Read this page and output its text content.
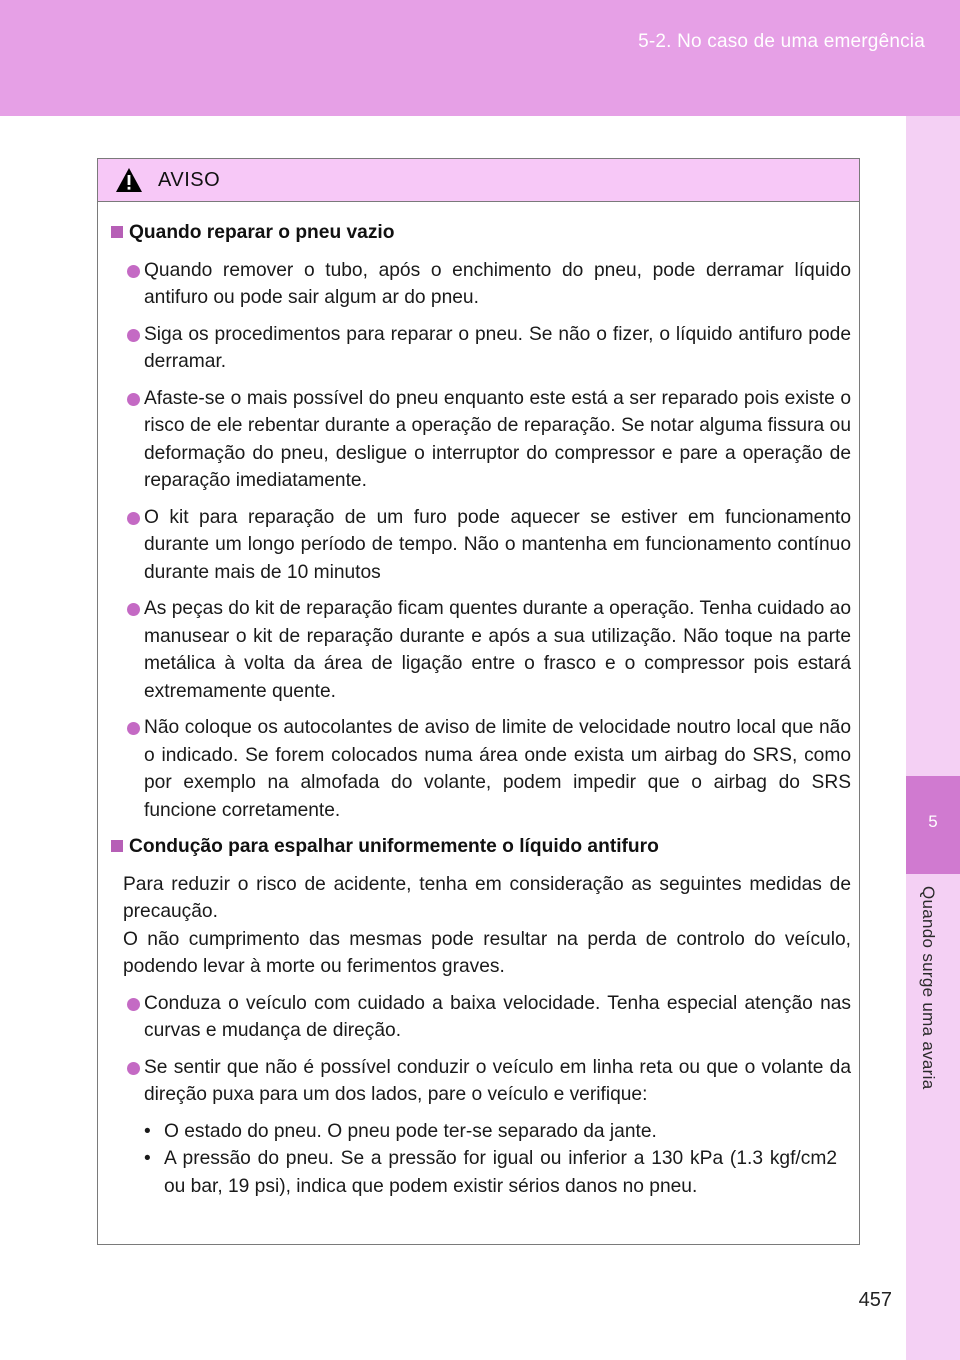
5-2. No caso de uma emergência
5
Quando surge uma avaria
AVISO

Quando reparar o pneu vazio

Quando remover o tubo, após o enchimento do pneu, pode derramar líquido antifuro ou pode sair algum ar do pneu.

Siga os procedimentos para reparar o pneu. Se não o fizer, o líquido antifuro pode derramar.

Afaste-se o mais possível do pneu enquanto este está a ser reparado pois existe o risco de ele rebentar durante a operação de reparação. Se notar alguma fissura ou deformação do pneu, desligue o interruptor do compressor e pare a operação de reparação imediatamente.

O kit para reparação de um furo pode aquecer se estiver em funcionamento durante um longo período de tempo. Não o mantenha em funcionamento contínuo durante mais de 10 minutos

As peças do kit de reparação ficam quentes durante a operação. Tenha cuidado ao manusear o kit de reparação durante e após a sua utilização. Não toque na parte metálica à volta da área de ligação entre o frasco e o compressor pois estará extremamente quente.

Não coloque os autocolantes de aviso de limite de velocidade noutro local que não o indicado. Se forem colocados numa área onde exista um airbag do SRS, como por exemplo na almofada do volante, podem impedir que o airbag do SRS funcione corretamente.

Condução para espalhar uniformemente o líquido antifuro

Para reduzir o risco de acidente, tenha em consideração as seguintes medidas de precaução.
O não cumprimento das mesmas pode resultar na perda de controlo do veículo, podendo levar à morte ou ferimentos graves.

Conduza o veículo com cuidado a baixa velocidade. Tenha especial atenção nas curvas e mudança de direção.

Se sentir que não é possível conduzir o veículo em linha reta ou que o volante da direção puxa para um dos lados, pare o veículo e verifique:

• O estado do pneu. O pneu pode ter-se separado da jante.

• A pressão do pneu. Se a pressão for igual ou inferior a 130 kPa (1.3 kgf/cm2 ou bar, 19 psi), indica que podem existir sérios danos no pneu.

457
